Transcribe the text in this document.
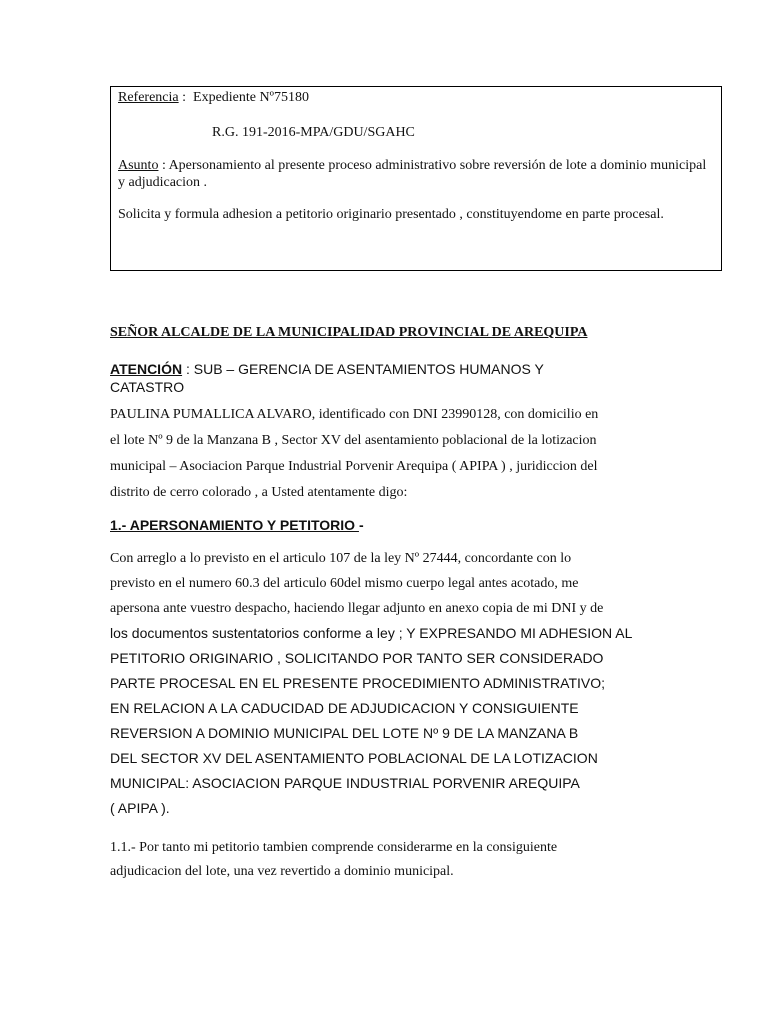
Referencia :  Expediente Nº75180

R.G. 191-2016-MPA/GDU/SGAHC

Asunto : Apersonamiento al presente proceso administrativo sobre reversión de lote a dominio municipal y adjudicacion .

Solicita y formula adhesion a petitorio originario presentado , constituyendome en parte procesal.

SEÑOR ALCALDE DE LA MUNICIPALIDAD PROVINCIAL DE AREQUIPA

ATENCIÓN : SUB – GERENCIA DE ASENTAMIENTOS HUMANOS Y CATASTRO

PAULINA PUMALLICA ALVARO, identificado con DNI 23990128, con domicilio en
el lote Nº 9 de la Manzana B , Sector XV del asentamiento poblacional de la lotizacion
municipal – Asociacion Parque Industrial Porvenir Arequipa ( APIPA ) , juridiccion del
distrito de cerro colorado , a Usted atentamente digo:

1.- APERSONAMIENTO Y PETITORIO -

Con arreglo a lo previsto en el articulo 107 de la ley Nº 27444, concordante con lo
previsto en el numero 60.3 del articulo 60del mismo cuerpo legal antes acotado, me
apersona ante vuestro despacho, haciendo llegar adjunto en anexo copia de mi DNI y de
los documentos sustentatorios conforme a ley ; Y EXPRESANDO MI ADHESION AL
PETITORIO ORIGINARIO , SOLICITANDO POR TANTO SER CONSIDERADO
PARTE PROCESAL EN EL PRESENTE PROCEDIMIENTO ADMINISTRATIVO;
EN RELACION A LA CADUCIDAD DE ADJUDICACION Y CONSIGUIENTE
REVERSION A DOMINIO MUNICIPAL DEL LOTE Nº 9 DE LA MANZANA B
DEL SECTOR XV DEL ASENTAMIENTO POBLACIONAL DE LA LOTIZACION
MUNICIPAL: ASOCIACION PARQUE INDUSTRIAL PORVENIR AREQUIPA
( APIPA ).

1.1.- Por tanto mi petitorio tambien comprende considerarme en la consiguiente
adjudicacion del lote, una vez revertido a dominio municipal.
